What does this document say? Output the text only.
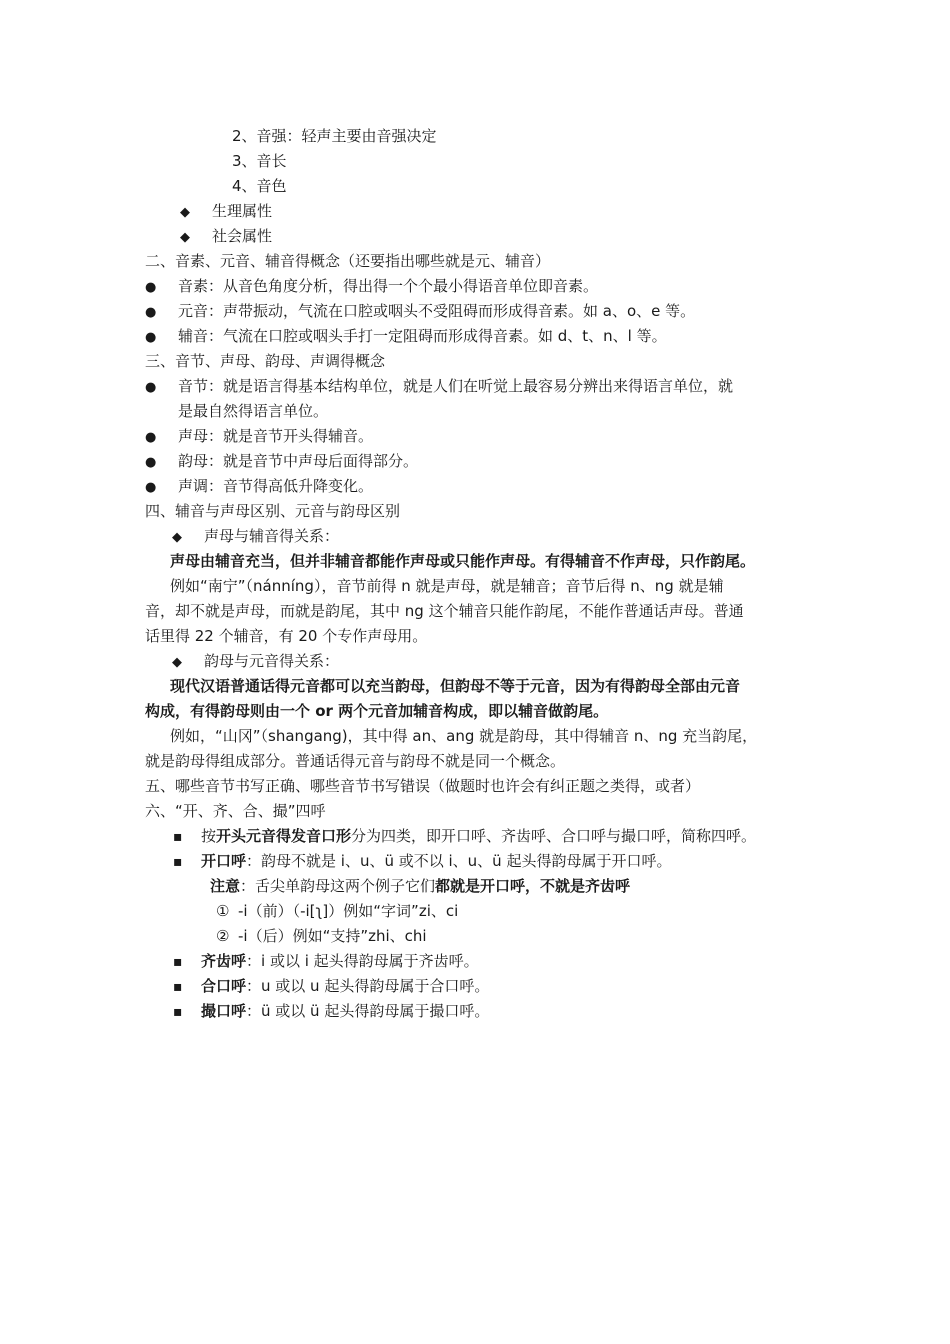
2、音强：轻声主要由音强决定
3、音长
4、音色
◆生理属性
◆社会属性
二、音素、元音、辅音得概念（还要指出哪些就是元、辅音）
●音素：从音色角度分析，得出得一个个最小得语音单位即音素。
●元音：声带振动，气流在口腔或咽头不受阻碍而形成得音素。如 a、o、e 等。
●辅音：气流在口腔或咽头手打一定阻碍而形成得音素。如 d、t、n、l 等。
三、音节、声母、韵母、声调得概念
●音节：就是语言得基本结构单位，就是人们在听觉上最容易分辨出来得语言单位，就
是最自然得语言单位。
●声母：就是音节开头得辅音。
●韵母：就是音节中声母后面得部分。
●声调：音节得高低升降变化。
四、辅音与声母区别、元音与韵母区别
◆声母与辅音得关系：
声母由辅音充当，但并非辅音都能作声母或只能作声母。有得辅音不作声母，只作韵尾。
例如“南宁”（nánníng），音节前得 n 就是声母，就是辅音；音节后得 n、ng 就是辅
音，却不就是声母，而就是韵尾，其中 ng 这个辅音只能作韵尾，不能作普通话声母。普通
话里得 22 个辅音，有 20 个专作声母用。
◆韵母与元音得关系：
现代汉语普通话得元音都可以充当韵母，但韵母不等于元音，因为有得韵母全部由元音
构成，有得韵母则由一个 or 两个元音加辅音构成，即以辅音做韵尾。
例如，“山冈”（shangang)，其中得 an、ang 就是韵母，其中得辅音 n、ng 充当韵尾，
就是韵母得组成部分。普通话得元音与韵母不就是同一个概念。
五、哪些音节书写正确、哪些音节书写错误（做题时也许会有纠正题之类得，或者）
六、“开、齐、合、撮”四呼
▪按开头元音得发音口形分为四类，即开口呼、齐齿呼、合口呼与撮口呼，简称四呼。
▪开口呼：韵母不就是 i、u、ü 或不以 i、u、ü 起头得韵母属于开口呼。
注意：舌尖单韵母这两个例子它们都就是开口呼，不就是齐齿呼
① -i（前）（-i[ʅ]）例如“字词”zi、ci
② -i（后）例如“支持”zhi、chi
▪齐齿呼：i 或以 i 起头得韵母属于齐齿呼。
▪合口呼：u 或以 u 起头得韵母属于合口呼。
▪撮口呼：ü 或以 ü 起头得韵母属于撮口呼。
